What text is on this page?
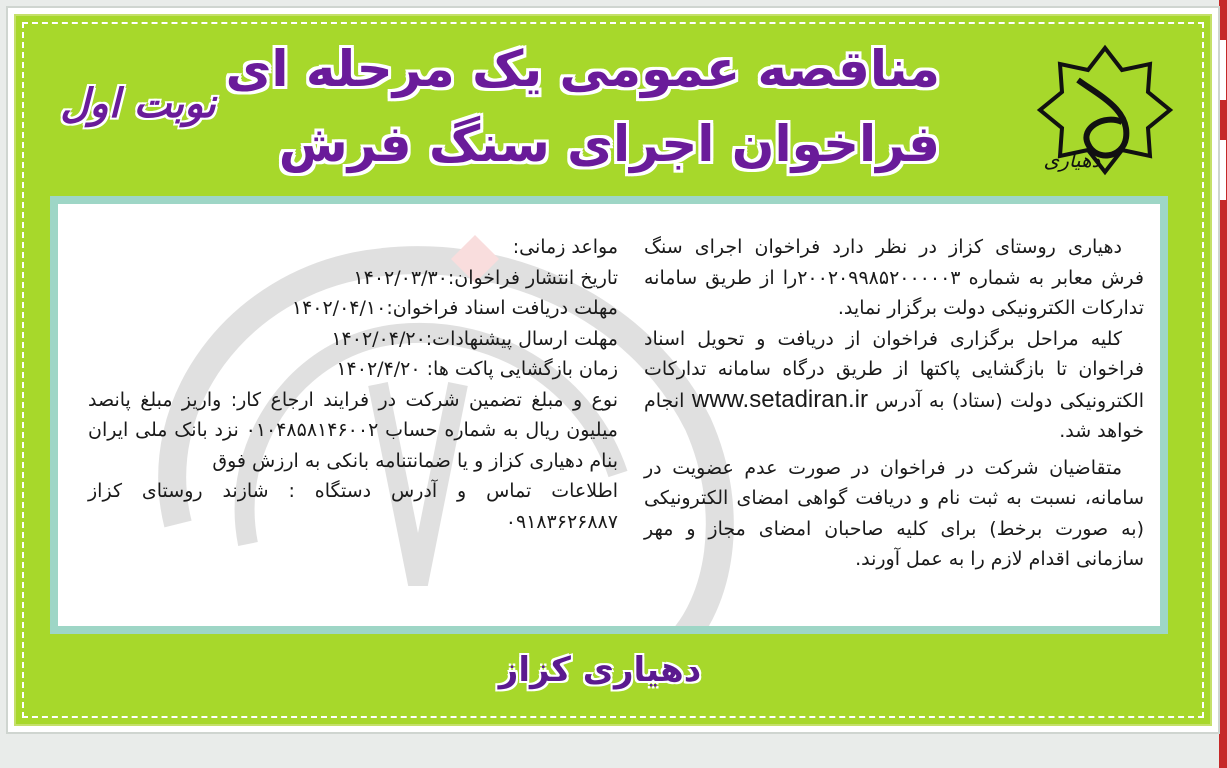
دهیاری
نوبت اول
مناقصه عمومی یک مرحله ای
فراخوان اجرای سنگ فرش

دهیاری روستای کزاز در نظر دارد فراخوان اجرای سنگ فرش معابر به شماره ۲۰۰۲۰۹۹۸۵۲۰۰۰۰۰۳را از طریق سامانه تدارکات الکترونیکی دولت برگزار نماید.

کلیه مراحل برگزاری فراخوان از دریافت و تحویل اسناد فراخوان تا بازگشایی پاکتها از طریق درگاه سامانه تدارکات الکترونیکی دولت (ستاد) به آدرس www.setadiran.ir انجام خواهد شد.

متقاضیان شرکت در فراخوان در صورت عدم عضویت در سامانه، نسبت به ثبت نام و دریافت گواهی امضای الکترونیکی (به صورت برخط) برای کلیه صاحبان امضای مجاز و مهر سازمانی اقدام لازم را به عمل آورند.

مواعد زمانی:

تاریخ انتشار فراخوان:۱۴۰۲/۰۳/۳۰

مهلت دریافت اسناد فراخوان:۱۴۰۲/۰۴/۱۰

مهلت ارسال پیشنهادات:۱۴۰۲/۰۴/۲۰

زمان بازگشایی پاکت ها: ۱۴۰۲/۴/۲۰

نوع و مبلغ تضمین شرکت در فرایند ارجاع کار: واریز مبلغ پانصد میلیون ریال به شماره حساب ۰۱۰۴۸۵۸۱۴۶۰۰۲ نزد بانک ملی ایران بنام دهیاری کزاز و یا ضمانتنامه بانکی به ارزش فوق

اطلاعات تماس و آدرس دستگاه : شازند روستای کزاز ۰۹۱۸۳۶۲۶۸۸۷

دهیاری کزاز
